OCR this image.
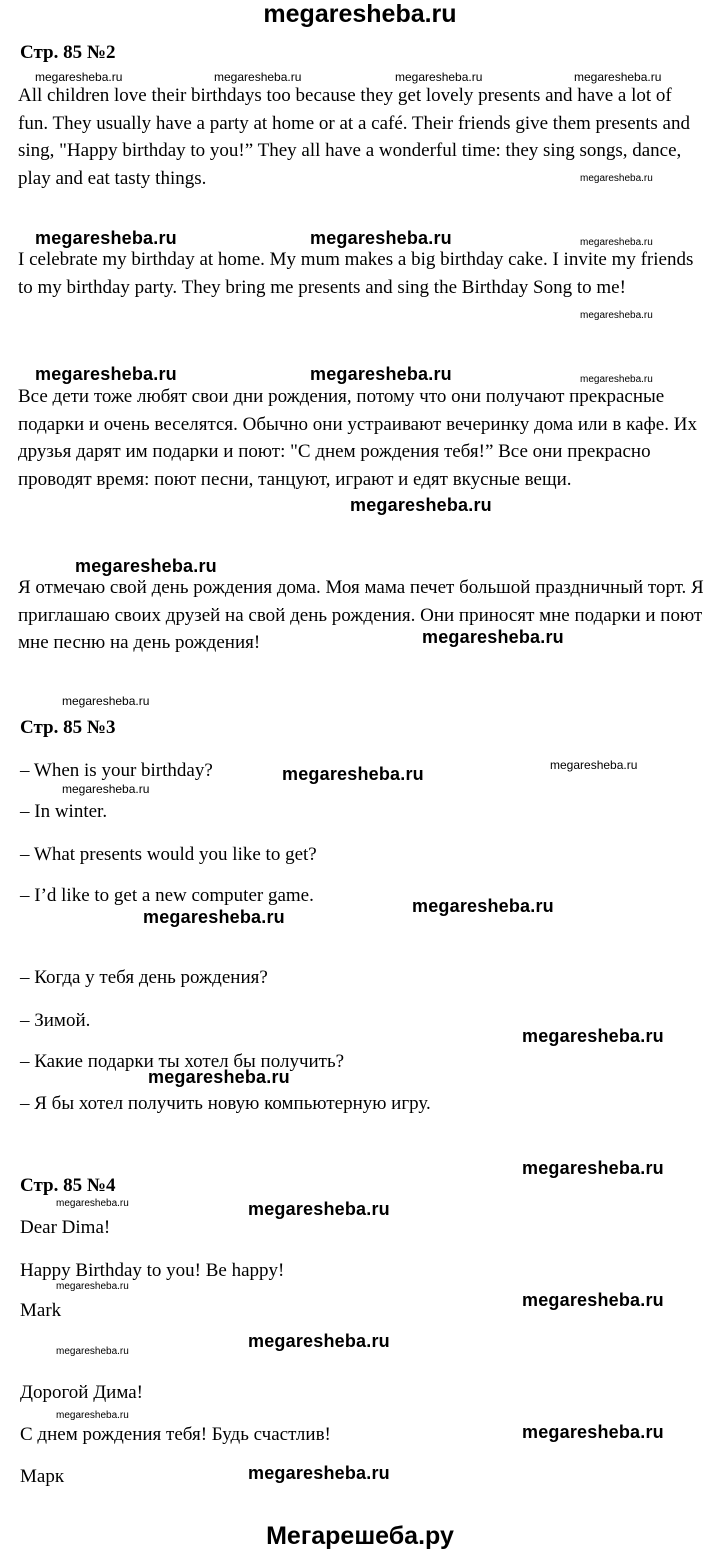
megaresheba.ru
Стр. 85 №2
All children love their birthdays too because they get lovely presents and have a lot of fun. They usually have a party at home or at a café. Their friends give them presents and sing, "Happy birthday to you!” They all have a wonderful time: they sing songs, dance, play and eat tasty things.
I celebrate my birthday at home. My mum makes a big birthday cake. I invite my friends to my birthday party. They bring me presents and sing the Birthday Song to me!
Все дети тоже любят свои дни рождения, потому что они получают прекрасные подарки и очень веселятся. Обычно они устраивают вечеринку дома или в кафе. Их друзья дарят им подарки и поют: "С днем рождения тебя!” Все они прекрасно проводят время: поют песни, танцуют, играют и едят вкусные вещи.
Я отмечаю свой день рождения дома. Моя мама печет большой праздничный торт. Я приглашаю своих друзей на свой день рождения. Они приносят мне подарки и поют мне песню на день рождения!
Стр. 85 №3
– When is your birthday?
– In winter.
– What presents would you like to get?
– I’d like to get a new computer game.
– Когда у тебя день рождения?
– Зимой.
– Какие подарки ты хотел бы получить?
– Я бы хотел получить новую компьютерную игру.
Стр. 85 №4
Dear Dima!
Happy Birthday to you! Be happy!
Mark
Дорогой Дима!
С днем рождения тебя! Будь счастлив!
Марк
megaresheba.ru	megaresheba.ru	megaresheba.ru	megaresheba.ru
megaresheba.ru
megaresheba.ru
megaresheba.ru
megaresheba.ru
megaresheba.ru
megaresheba.ru
megaresheba.ru
megaresheba.ru
megaresheba.ru
megaresheba.ru
megaresheba.ru
megaresheba.ru	megaresheba.ru
megaresheba.ru	megaresheba.ru
megaresheba.ru
megaresheba.ru
megaresheba.ru
megaresheba.ru
megaresheba.ru
megaresheba.ru
megaresheba.ru
megaresheba.ru
megaresheba.ru
megaresheba.ru
megaresheba.ru
megaresheba.ru
megaresheba.ru
megaresheba.ru
Мегарешеба.ру
